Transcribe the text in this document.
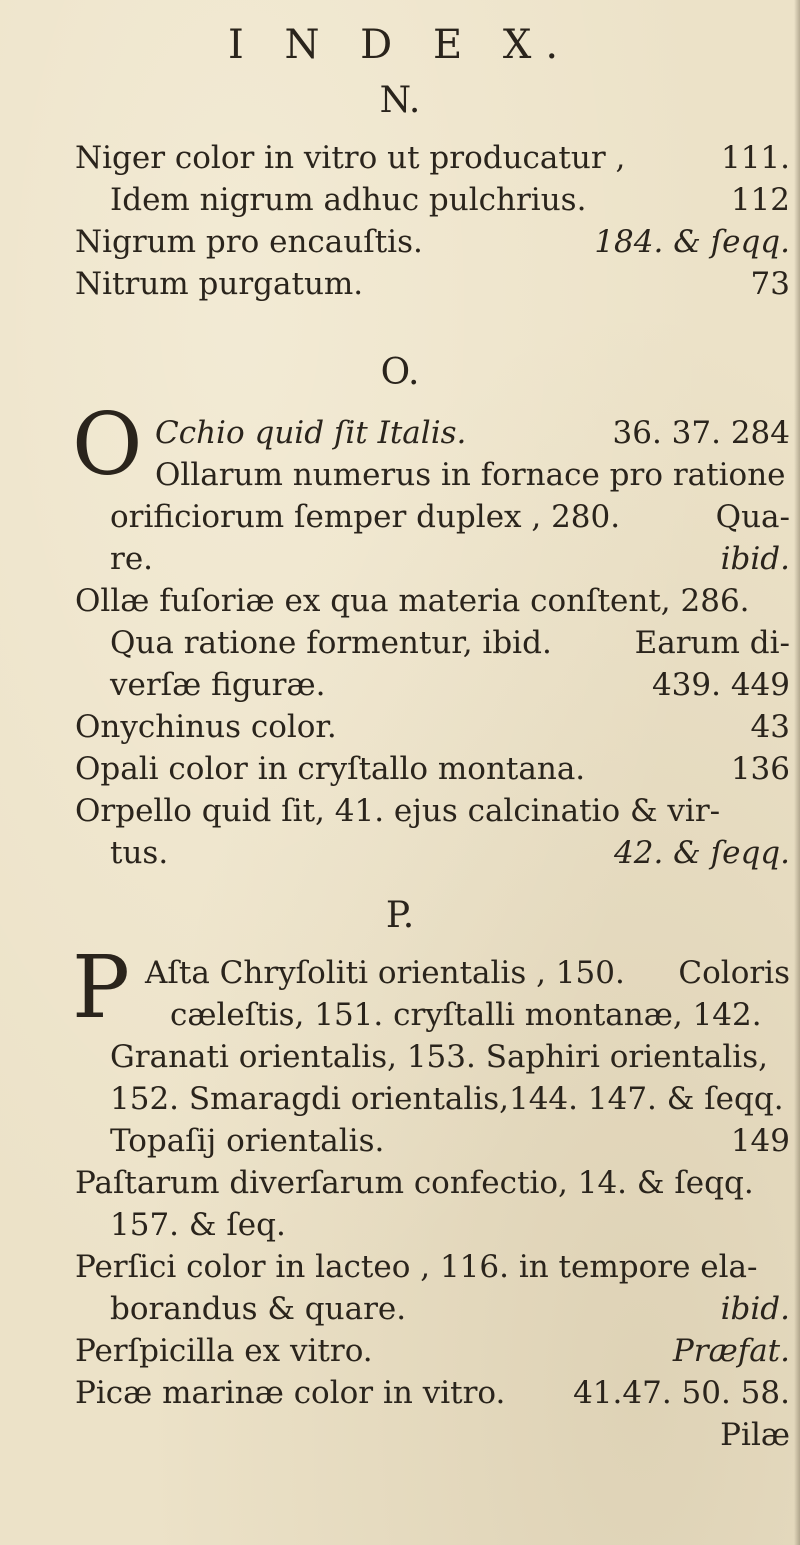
I N D E X.
N.
Niger color in vitro ut producatur ,	111.
Idem nigrum adhuc pulchrius.	112
Nigrum pro encauſtis.	184. & ſeqq.
Nitrum purgatum.	73
O.
O Cchio quid ſit Italis.	36. 37. 284
Ollarum numerus in fornace pro ratione
orificiorum ſemper duplex , 280.	Qua-
re.	ibid.
Ollæ fuſoriæ ex qua materia conſtent, 286.
Qua ratione formentur, ibid.	Earum di-
verſæ figuræ.	439. 449
Onychinus color.	43
Opali color in cryſtallo montana.	136
Orpello quid ſit, 41. ejus calcinatio & vir-
tus.	42. & ſeqq.
P.
P Aſta Chryſoliti orientalis , 150. Coloris
cæleſtis, 151. cryſtalli montanæ, 142.
Granati orientalis, 153. Saphiri orientalis,
152. Smaragdi orientalis,144. 147. & ſeqq.
Topaſij orientalis.	149
Paſtarum diverſarum confectio, 14. & ſeqq.
157. & ſeq.
Perſici color in lacteo , 116. in tempore ela-
borandus & quare.	ibid.
Perſpicilla ex vitro.	Præfat.
Picæ marinæ color in vitro. 41.47. 50. 58.
Pilæ
